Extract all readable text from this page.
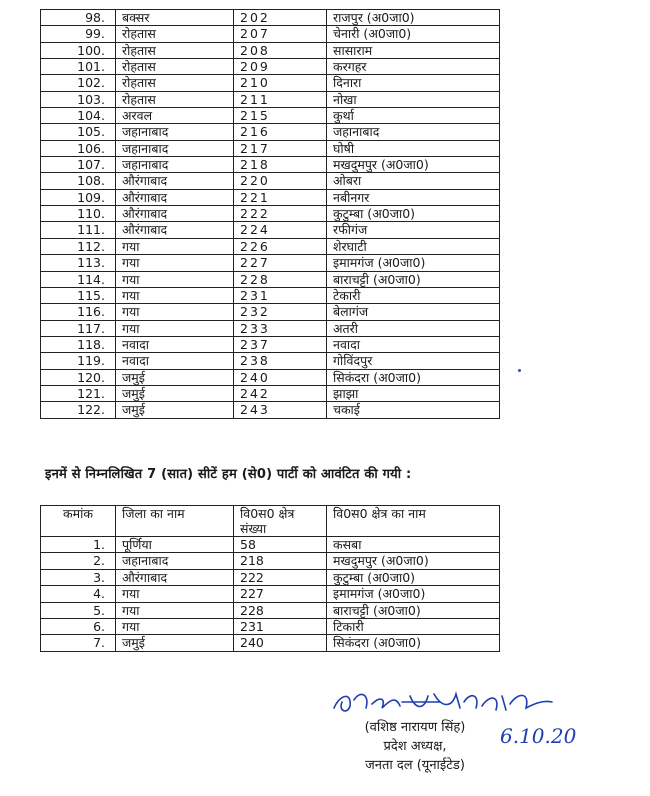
98.	बक्सर	202	राजपुर (अ0जा0)
99.	रोहतास	207	चेनारी (अ0जा0)
100.	रोहतास	208	सासाराम
101.	रोहतास	209	करगहर
102.	रोहतास	210	दिनारा
103.	रोहतास	211	नोखा
104.	अरवल	215	कुर्था
105.	जहानाबाद	216	जहानाबाद
106.	जहानाबाद	217	घोषी
107.	जहानाबाद	218	मखदुमपुर (अ0जा0)
108.	औरंगाबाद	220	ओबरा
109.	औरंगाबाद	221	नबीनगर
110.	औरंगाबाद	222	कुटुम्बा (अ0जा0)
111.	औरंगाबाद	224	रफीगंज
112.	गया	226	शेरघाटी
113.	गया	227	इमामगंज (अ0जा0)
114.	गया	228	बाराचट्टी (अ0जा0)
115.	गया	231	टेकारी
116.	गया	232	बेलागंज
117.	गया	233	अतरी
118.	नवादा	237	नवादा
119.	नवादा	238	गोविंदपुर
120.	जमुई	240	सिकंदरा (अ0जा0)
121.	जमुई	242	झाझा
122.	जमुई	243	चकाई
इनमें से निम्नलिखित 7 (सात) सीटें हम (से0) पार्टी को आवंटित की गयी :
कमांक	जिला का नाम	वि0स0 क्षेत्र संख्या	वि0स0 क्षेत्र का नाम
1.	पूर्णिया	58	कसबा
2.	जहानाबाद	218	मखदुमपुर (अ0जा0)
3.	औरंगाबाद	222	कुटुम्बा (अ0जा0)
4.	गया	227	इमामगंज (अ0जा0)
5.	गया	228	बाराचट्टी (अ0जा0)
6.	गया	231	टिकारी
7.	जमुई	240	सिकंदरा (अ0जा0)
6.10.20
(वशिष्ठ नारायण सिंह)
प्रदेश अध्यक्ष,
जनता दल (यूनाईटेड)
